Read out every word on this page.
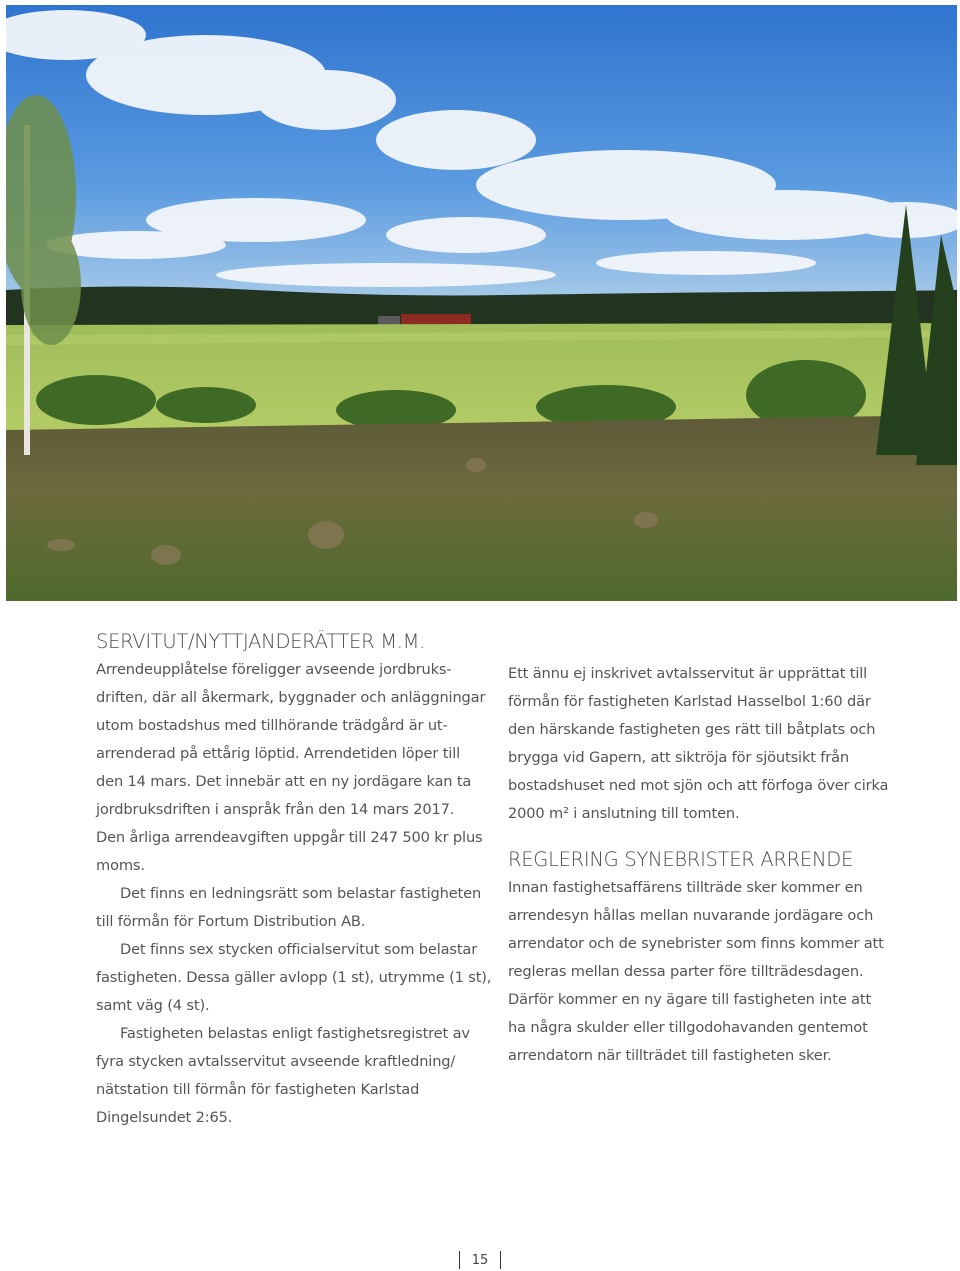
SERVITUT/NYTTJANDERÄTTER M.M.

Arrendeupplåtelse föreligger avseende jordbruks-
driften, där all åkermark, byggnader och anläggningar
utom bostadshus med tillhörande trädgård är ut-
arrenderad på ettårig löptid. Arrendetiden löper till
den 14 mars. Det innebär att en ny jordägare kan ta
jordbruksdriften i anspråk från den 14 mars 2017.
Den årliga arrendeavgiften uppgår till 247 500 kr plus
moms.

Det finns en ledningsrätt som belastar fastigheten
till förmån för Fortum Distribution AB.

Det finns sex stycken officialservitut som belastar
fastigheten. Dessa gäller avlopp (1 st), utrymme (1 st),
samt väg (4 st).

Fastigheten belastas enligt fastighetsregistret av
fyra stycken avtalsservitut avseende kraftledning/
nätstation till förmån för fastigheten Karlstad
Dingelsundet 2:65.

Ett ännu ej inskrivet avtalsservitut är upprättat till
förmån för fastigheten Karlstad Hasselbol 1:60 där
den härskande fastigheten ges rätt till båtplats och
brygga vid Gapern, att siktröja för sjöutsikt från
bostadshuset ned mot sjön och att förfoga över cirka
2000 m² i anslutning till tomten.

REGLERING SYNEBRISTER ARRENDE

Innan fastighetsaffärens tillträde sker kommer en
arrendesyn hållas mellan nuvarande jordägare och
arrendator och de synebrister som finns kommer att
regleras mellan dessa parter före tillträdesdagen.
Därför kommer en ny ägare till fastigheten inte att
ha några skulder eller tillgodohavanden gentemot
arrendatorn när tillträdet till fastigheten sker.

15
